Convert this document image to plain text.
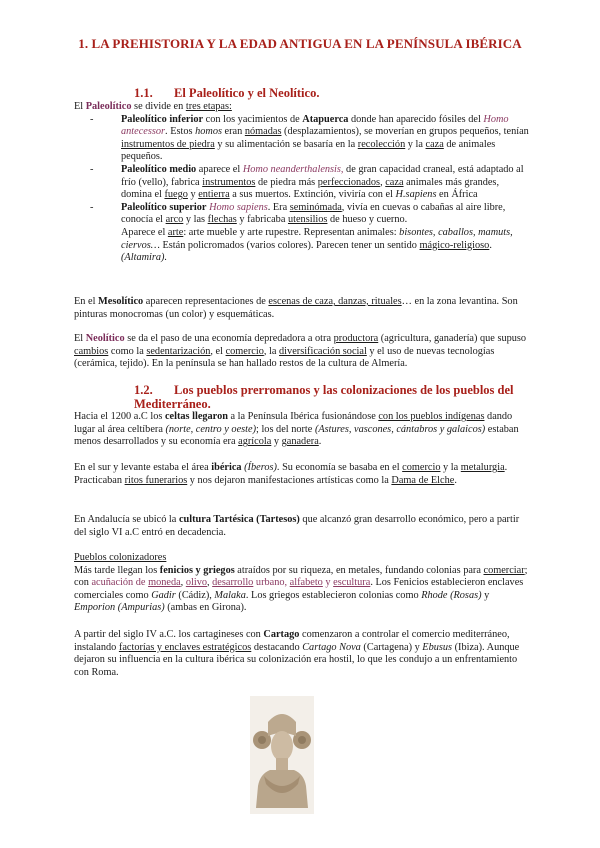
1. LA PREHISTORIA Y LA EDAD ANTIGUA EN LA PENÍNSULA IBÉRICA
1.1. El Paleolítico y el Neolítico.
El Paleolítico se divide en tres etapas:
-	Paleolítico inferior con los yacimientos de Atapuerca donde han aparecido fósiles del Homo antecessor. Estos homos eran nómadas (desplazamientos), se moverían en grupos pequeños, tenían instrumentos de piedra y su alimentación se basaría en la recolección y la caza de animales pequeños.
-	Paleolítico medio aparece el Homo neanderthalensis, de gran capacidad craneal, está adaptado al frío (vello), fabrica instrumentos de piedra más perfeccionados, caza animales más grandes, domina el fuego y entierra a sus muertos. Extinción, viviría con el H.sapiens en África
-	Paleolítico superior Homo sapiens. Era seminómada, vivía en cuevas o cabañas al aire libre, conocía el arco y las flechas y fabricaba utensilios de hueso y cuerno.
Aparece el arte: arte mueble y arte rupestre. Representan animales: bisontes, caballos, mamuts, ciervos… Están policromados (varios colores). Parecen tener un sentido mágico-religioso. (Altamira).
En el Mesolítico aparecen representaciones de escenas de caza, danzas, rituales… en la zona levantina. Son pinturas monocromas (un color) y esquemáticas.
El Neolítico se da el paso de una economía depredadora a otra productora (agricultura, ganadería) que supuso cambios como la sedentarización, el comercio, la diversificación social y el uso de nuevas tecnologías (cerámica, tejido). En la península se han hallado restos de la cultura de Almería.
1.2. Los pueblos prerromanos y las colonizaciones de los pueblos del Mediterráneo.
Hacia el 1200 a.C los celtas llegaron a la Península Ibérica fusionándose con los pueblos indígenas dando lugar al área celtíbera (norte, centro y oeste); los del norte (Astures, vascones, cántabros y galaicos) estaban menos desarrollados y su economía era agrícola y ganadera.
En el sur y levante estaba el área ibérica (Íberos). Su economía se basaba en el comercio y la metalurgia. Practicaban ritos funerarios y nos dejaron manifestaciones artísticas como la Dama de Elche.
En Andalucía se ubicó la cultura Tartésica (Tartesos) que alcanzó gran desarrollo económico, pero a partir del siglo VI a.C entró en decadencia.
Pueblos colonizadores
Más tarde llegan los fenicios y griegos atraídos por su riqueza, en metales, fundando colonias para comerciar; con acuñación de moneda, olivo, desarrollo urbano, alfabeto y escultura. Los Fenicios establecieron enclaves comerciales como Gadir (Cádiz), Malaka. Los griegos establecieron colonias como Rhode (Rosas) y Emporion (Ampurias) (ambas en Girona).
A partir del siglo IV a.C. los cartagineses con Cartago comenzaron a controlar el comercio mediterráneo, instalando factorías y enclaves estratégicos destacando Cartago Nova (Cartagena) y Ebusus (Ibiza). Aunque dejaron su influencia en la cultura ibérica su colonización era hostil, lo que les condujo a un enfrentamiento con Roma.
